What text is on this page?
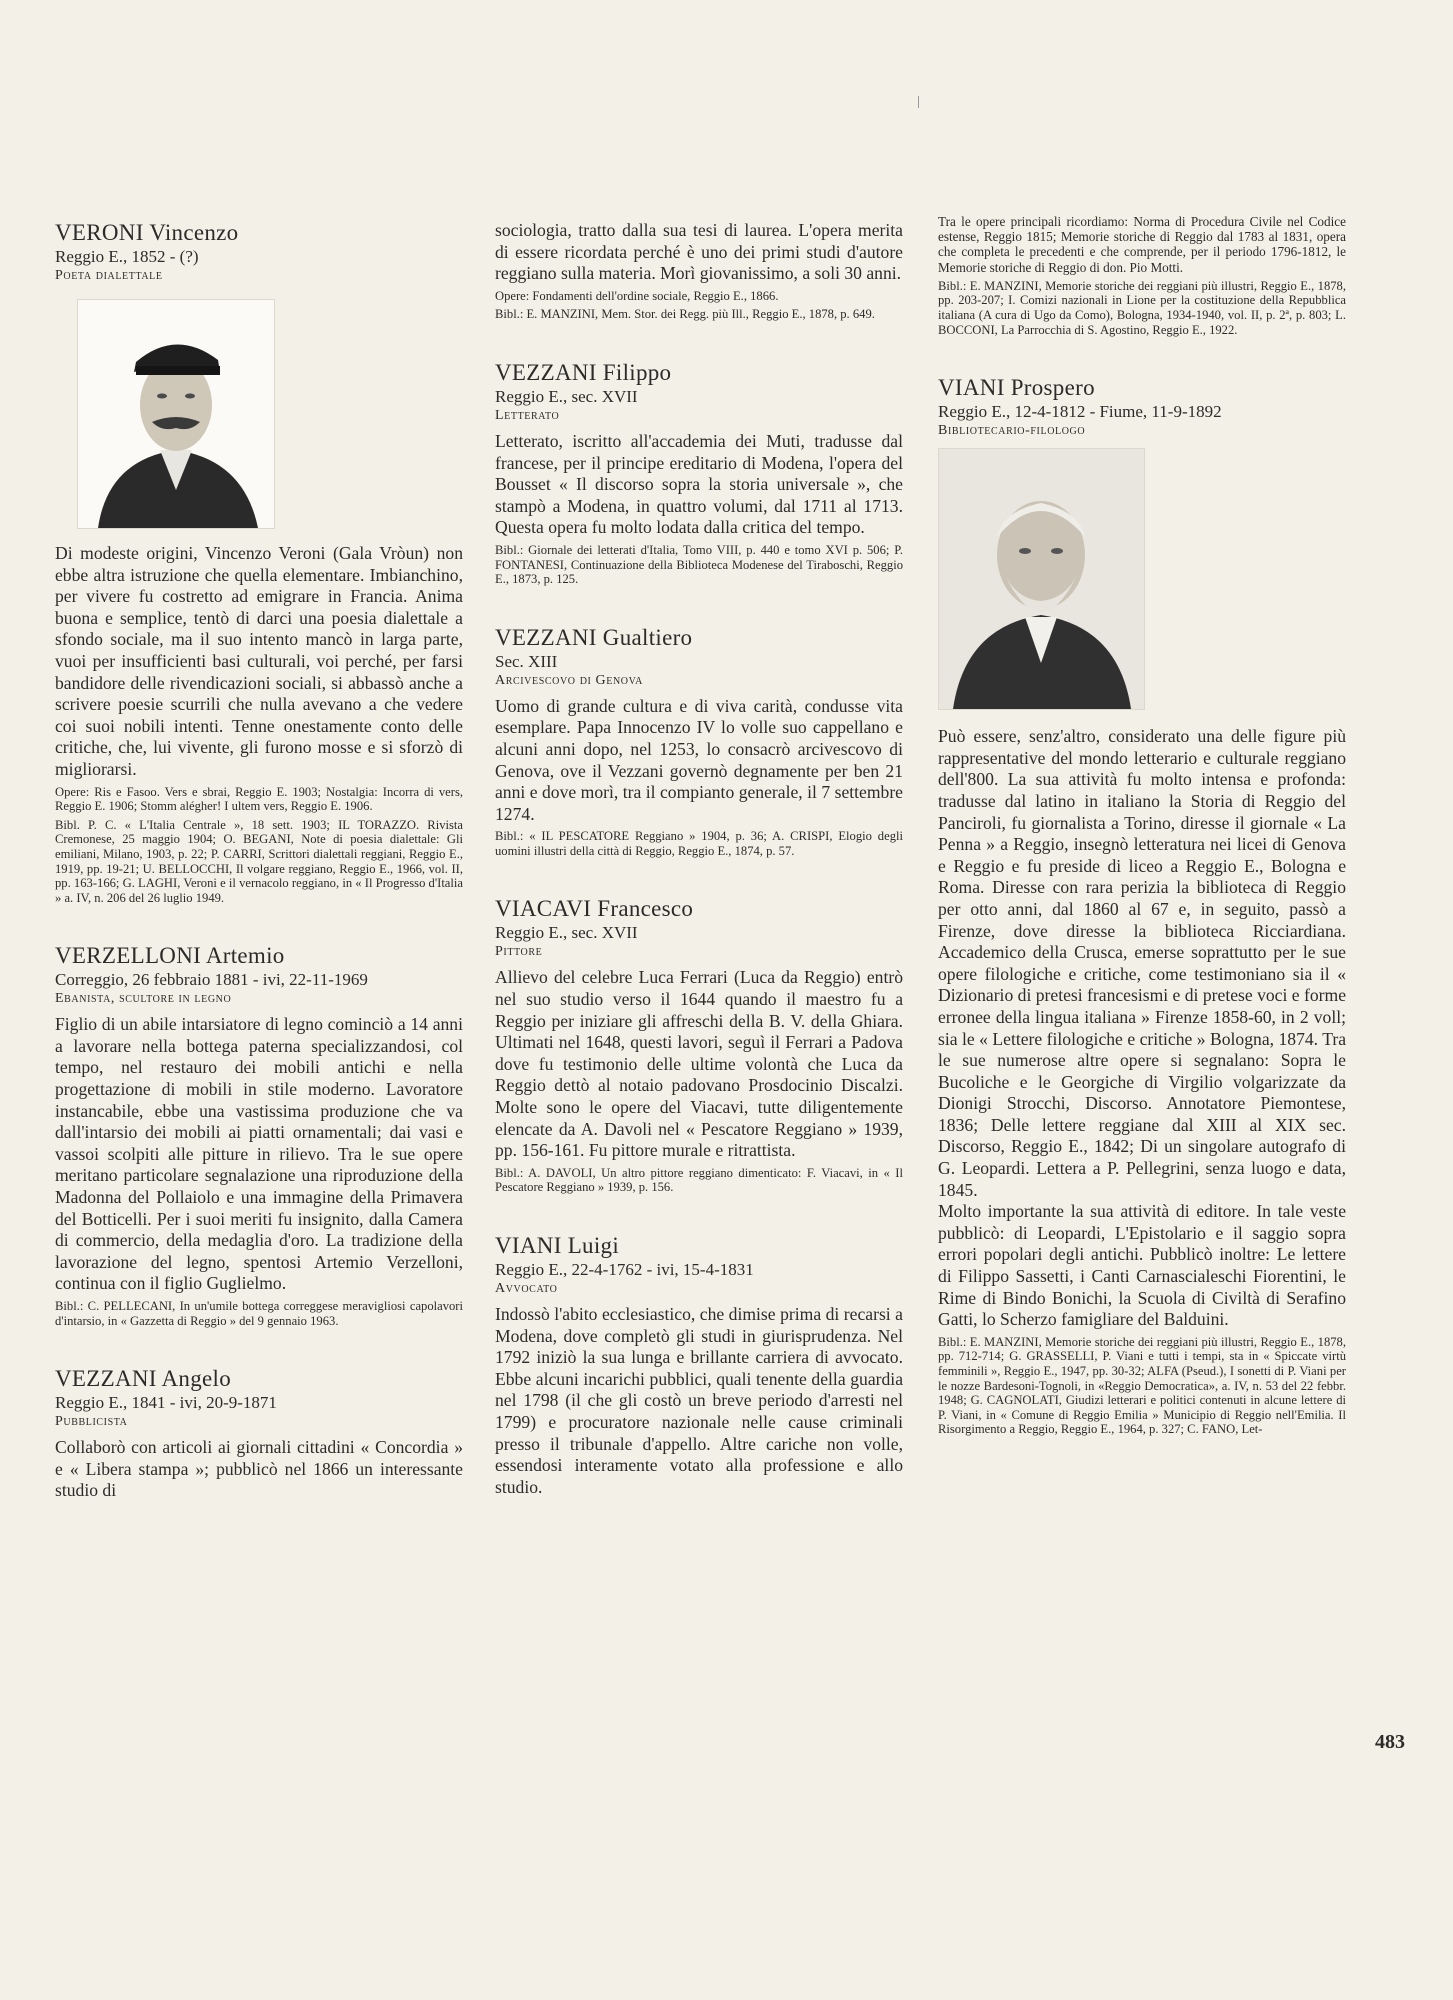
VERONI Vincenzo
Reggio E., 1852 - (?)
Poeta dialettale

Di modeste origini, Vincenzo Veroni (Gala Vròun) non ebbe altra istruzione che quella elementare. Imbianchino, per vivere fu costretto ad emigrare in Francia. Anima buona e semplice, tentò di darci una poesia dialettale a sfondo sociale, ma il suo intento mancò in larga parte, vuoi per insufficienti basi culturali, voi perché, per farsi bandidore delle rivendicazioni sociali, si abbassò anche a scrivere poesie scurrili che nulla avevano a che vedere coi suoi nobili intenti. Tenne onestamente conto delle critiche, che, lui vivente, gli furono mosse e si sforzò di migliorarsi.

Opere: Ris e Fasoo. Vers e sbrai, Reggio E. 1903; Nostalgia: Incorra di vers, Reggio E. 1906; Stomm alégher! I ultem vers, Reggio E. 1906.

Bibl. P. C. « L'Italia Centrale », 18 sett. 1903; IL TORAZZO. Rivista Cremonese, 25 maggio 1904; O. BEGANI, Note di poesia dialettale: Gli emiliani, Milano, 1903, p. 22; P. CARRI, Scrittori dialettali reggiani, Reggio E., 1919, pp. 19-21; U. BELLOCCHI, Il volgare reggiano, Reggio E., 1966, vol. II, pp. 163-166; G. LAGHI, Veroni e il vernacolo reggiano, in « Il Progresso d'Italia » a. IV, n. 206 del 26 luglio 1949.

VERZELLONI Artemio
Correggio, 26 febbraio 1881 - ivi, 22-11-1969
Ebanista, scultore in legno

Figlio di un abile intarsiatore di legno cominciò a 14 anni a lavorare nella bottega paterna specializzandosi, col tempo, nel restauro dei mobili antichi e nella progettazione di mobili in stile moderno. Lavoratore instancabile, ebbe una vastissima produzione che va dall'intarsio dei mobili ai piatti ornamentali; dai vasi e vassoi scolpiti alle pitture in rilievo. Tra le sue opere meritano particolare segnalazione una riproduzione della Madonna del Pollaiolo e una immagine della Primavera del Botticelli. Per i suoi meriti fu insignito, dalla Camera di commercio, della medaglia d'oro. La tradizione della lavorazione del legno, spentosi Artemio Verzelloni, continua con il figlio Guglielmo.

Bibl.: C. PELLECANI, In un'umile bottega correggese meravigliosi capolavori d'intarsio, in « Gazzetta di Reggio » del 9 gennaio 1963.

VEZZANI Angelo
Reggio E., 1841 - ivi, 20-9-1871
Pubblicista

Collaborò con articoli ai giornali cittadini « Concordia » e « Libera stampa »; pubblicò nel 1866 un interessante studio di

sociologia, tratto dalla sua tesi di laurea. L'opera merita di essere ricordata perché è uno dei primi studi d'autore reggiano sulla materia. Morì giovanissimo, a soli 30 anni.

Opere: Fondamenti dell'ordine sociale, Reggio E., 1866.

Bibl.: E. MANZINI, Mem. Stor. dei Regg. più Ill., Reggio E., 1878, p. 649.

VEZZANI Filippo
Reggio E., sec. XVII
Letterato

Letterato, iscritto all'accademia dei Muti, tradusse dal francese, per il principe ereditario di Modena, l'opera del Bousset « Il discorso sopra la storia universale », che stampò a Modena, in quattro volumi, dal 1711 al 1713. Questa opera fu molto lodata dalla critica del tempo.

Bibl.: Giornale dei letterati d'Italia, Tomo VIII, p. 440 e tomo XVI p. 506; P. FONTANESI, Continuazione della Biblioteca Modenese del Tiraboschi, Reggio E., 1873, p. 125.

VEZZANI Gualtiero
Sec. XIII
Arcivescovo di Genova

Uomo di grande cultura e di viva carità, condusse vita esemplare. Papa Innocenzo IV lo volle suo cappellano e alcuni anni dopo, nel 1253, lo consacrò arcivescovo di Genova, ove il Vezzani governò degnamente per ben 21 anni e dove morì, tra il compianto generale, il 7 settembre 1274.

Bibl.: « IL PESCATORE Reggiano » 1904, p. 36; A. CRISPI, Elogio degli uomini illustri della città di Reggio, Reggio E., 1874, p. 57.

VIACAVI Francesco
Reggio E., sec. XVII
Pittore

Allievo del celebre Luca Ferrari (Luca da Reggio) entrò nel suo studio verso il 1644 quando il maestro fu a Reggio per iniziare gli affreschi della B. V. della Ghiara. Ultimati nel 1648, questi lavori, seguì il Ferrari a Padova dove fu testimonio delle ultime volontà che Luca da Reggio dettò al notaio padovano Prosdocinio Discalzi. Molte sono le opere del Viacavi, tutte diligentemente elencate da A. Davoli nel « Pescatore Reggiano » 1939, pp. 156-161. Fu pittore murale e ritrattista.

Bibl.: A. DAVOLI, Un altro pittore reggiano dimenticato: F. Viacavi, in « Il Pescatore Reggiano » 1939, p. 156.

VIANI Luigi
Reggio E., 22-4-1762 - ivi, 15-4-1831
Avvocato

Indossò l'abito ecclesiastico, che dimise prima di recarsi a Modena, dove completò gli studi in giurisprudenza. Nel 1792 iniziò la sua lunga e brillante carriera di avvocato. Ebbe alcuni incarichi pubblici, quali tenente della guardia nel 1798 (il che gli costò un breve periodo d'arresti nel 1799) e procuratore nazionale nelle cause criminali presso il tribunale d'appello. Altre cariche non volle, essendosi interamente votato alla professione e allo studio.

Tra le opere principali ricordiamo: Norma di Procedura Civile nel Codice estense, Reggio 1815; Memorie storiche di Reggio dal 1783 al 1831, opera che completa le precedenti e che comprende, per il periodo 1796-1812, le Memorie storiche di Reggio di don. Pio Motti.

Bibl.: E. MANZINI, Memorie storiche dei reggiani più illustri, Reggio E., 1878, pp. 203-207; I. Comizi nazionali in Lione per la costituzione della Repubblica italiana (A cura di Ugo da Como), Bologna, 1934-1940, vol. II, p. 2ª, p. 803; L. BOCCONI, La Parrocchia di S. Agostino, Reggio E., 1922.

VIANI Prospero
Reggio E., 12-4-1812 - Fiume, 11-9-1892
Bibliotecario-filologo

Può essere, senz'altro, considerato una delle figure più rappresentative del mondo letterario e culturale reggiano dell'800. La sua attività fu molto intensa e profonda: tradusse dal latino in italiano la Storia di Reggio del Panciroli, fu giornalista a Torino, diresse il giornale « La Penna » a Reggio, insegnò letteratura nei licei di Genova e Reggio e fu preside di liceo a Reggio E., Bologna e Roma. Diresse con rara perizia la biblioteca di Reggio per otto anni, dal 1860 al 67 e, in seguito, passò a Firenze, dove diresse la biblioteca Ricciardiana. Accademico della Crusca, emerse soprattutto per le sue opere filologiche e critiche, come testimoniano sia il « Dizionario di pretesi francesismi e di pretese voci e forme erronee della lingua italiana » Firenze 1858-60, in 2 voll; sia le « Lettere filologiche e critiche » Bologna, 1874. Tra le sue numerose altre opere si segnalano: Sopra le Bucoliche e le Georgiche di Virgilio volgarizzate da Dionigi Strocchi, Discorso. Annotatore Piemontese, 1836; Delle lettere reggiane dal XIII al XIX sec. Discorso, Reggio E., 1842; Di un singolare autografo di G. Leopardi. Lettera a P. Pellegrini, senza luogo e data, 1845.

Molto importante la sua attività di editore. In tale veste pubblicò: di Leopardi, L'Epistolario e il saggio sopra errori popolari degli antichi. Pubblicò inoltre: Le lettere di Filippo Sassetti, i Canti Carnascialeschi Fiorentini, le Rime di Bindo Bonichi, la Scuola di Civiltà di Serafino Gatti, lo Scherzo famigliare del Balduini.

Bibl.: E. MANZINI, Memorie storiche dei reggiani più illustri, Reggio E., 1878, pp. 712-714; G. GRASSELLI, P. Viani e tutti i tempi, sta in « Spiccate virtù femminili », Reggio E., 1947, pp. 30-32; ALFA (Pseud.), I sonetti di P. Viani per le nozze Bardesoni-Tognoli, in «Reggio Democratica», a. IV, n. 53 del 22 febbr. 1948; G. CAGNOLATI, Giudizi letterari e politici contenuti in alcune lettere di P. Viani, in « Comune di Reggio Emilia » Municipio di Reggio nell'Emilia. Il Risorgimento a Reggio, Reggio E., 1964, p. 327; C. FANO, Let-

483
